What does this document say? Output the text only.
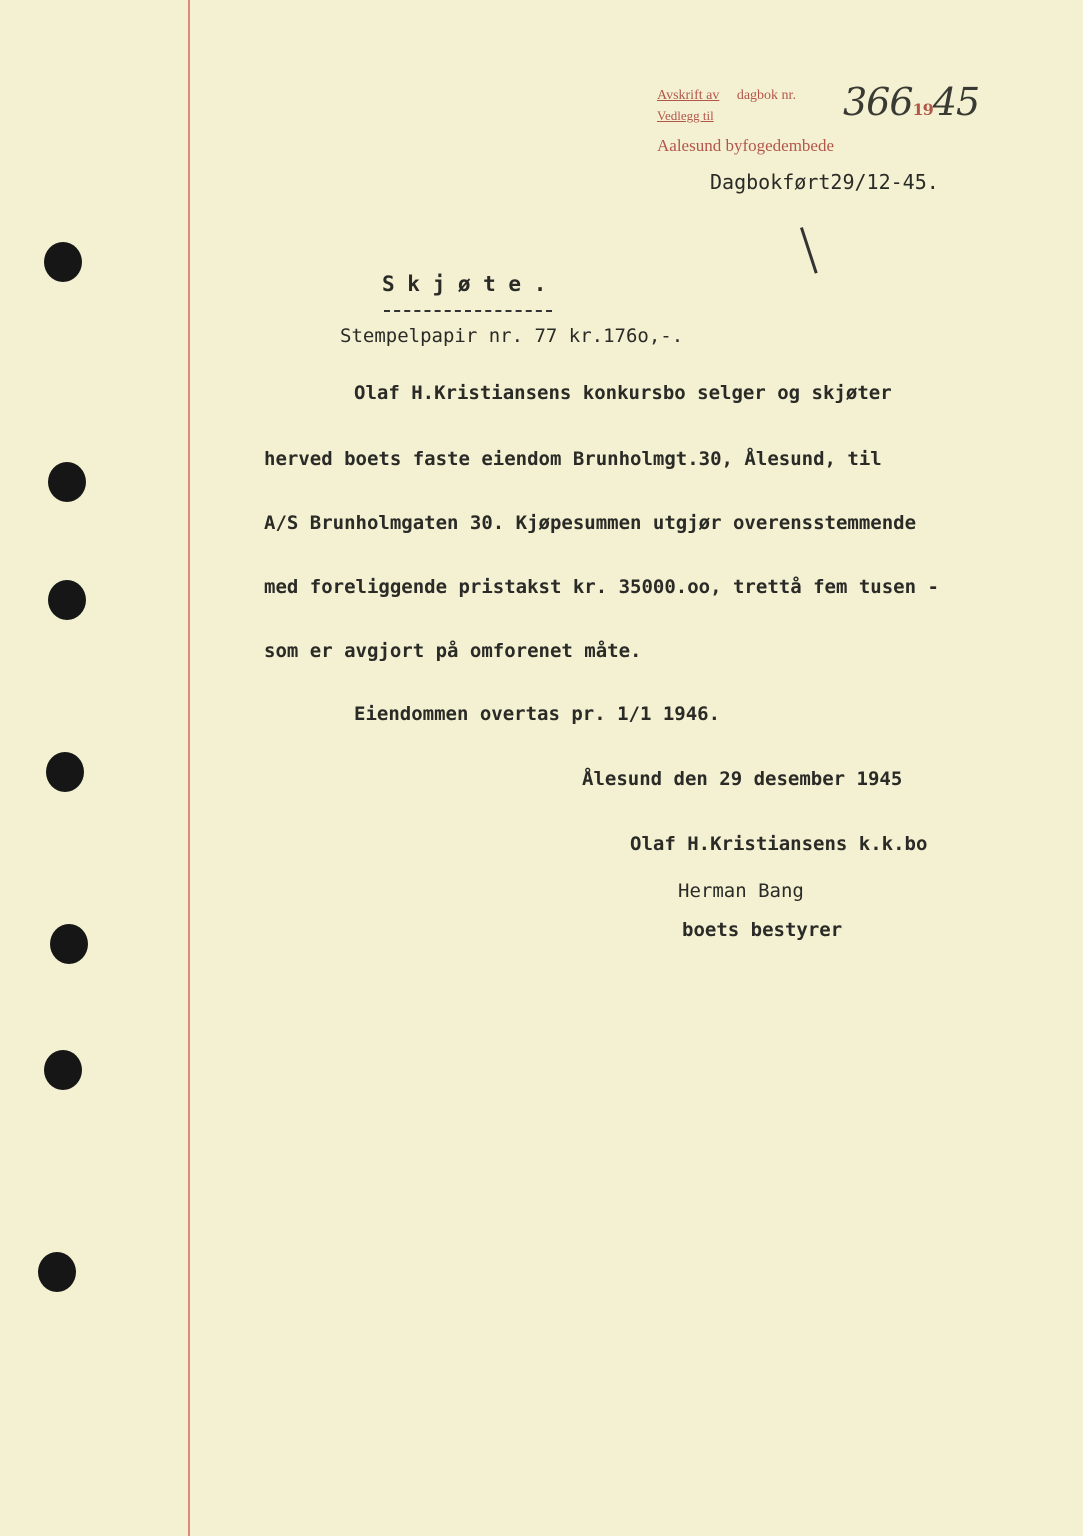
Avskrift av dagbok nr.
Vedlegg til
Aalesund byfogedembede
3661945
Dagbokført29/12-45.
S k j ø t e .
Stempelpapir nr. 77 kr.176o,-.
Olaf H.Kristiansens konkursbo selger og skjøter
herved boets faste eiendom Brunholmgt.30, Ålesund, til
A/S Brunholmgaten 30. Kjøpesummen utgjør overensstemmende
med foreliggende pristakst kr. 35000.oo, trettå fem tusen -
som er avgjort på omforenet måte.
Eiendommen overtas pr. 1/1 1946.
Ålesund den 29 desember 1945
Olaf H.Kristiansens k.k.bo
Herman Bang
boets bestyrer
